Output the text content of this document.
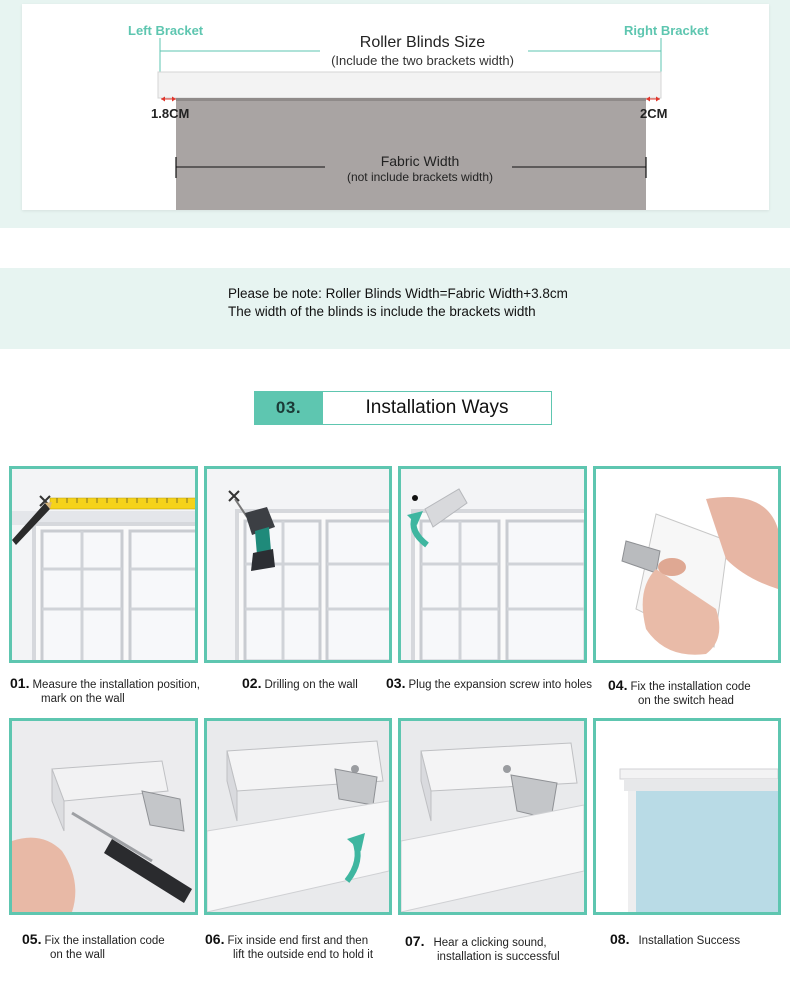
Left Bracket	Right Bracket
Roller Blinds Size
(Include the two brackets width)
1.8CM	2CM
Fabric Width
(not include brackets width)
Please be note: Roller Blinds Width=Fabric Width+3.8cm
The width of the blinds is include the brackets width
03.	Installation Ways
01. Measure the installation position,
mark on the wall
02. Drilling on the wall 03. Plug the expansion screw into holes 04. Fix the installation code
on the switch head
05. Fix the installation code
on the wall
06. Fix inside end first and then
lift the outside end to hold it
07. Hear a clicking sound,
installation is successful
08. Installation Success
